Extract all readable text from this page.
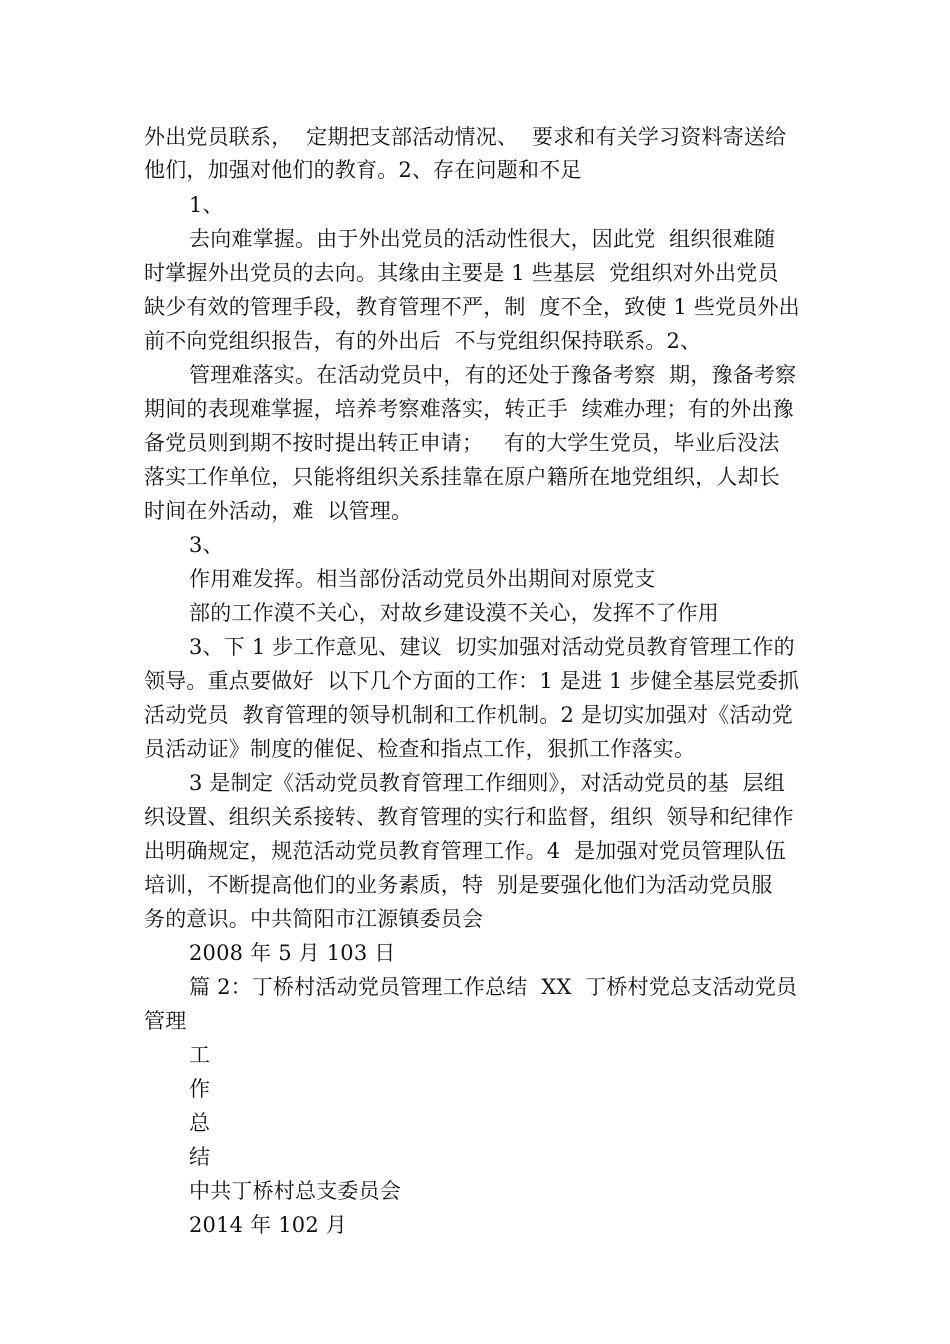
外出党员联系，  定期把支部活动情况、  要求和有关学习资料寄送给
他们，加强对他们的教育。2、存在问题和不足
1、
去向难掌握。由于外出党员的活动性很大，因此党  组织很难随
时掌握外出党员的去向。其缘由主要是 1 些基层  党组织对外出党员
缺少有效的管理手段，教育管理不严，制  度不全，致使 1 些党员外出
前不向党组织报告，有的外出后  不与党组织保持联系。2、
管理难落实。在活动党员中，有的还处于豫备考察  期，豫备考察
期间的表现难掌握，培养考察难落实，转正手  续难办理；有的外出豫
备党员则到期不按时提出转正申请；   有的大学生党员，毕业后没法
落实工作单位，只能将组织关系挂靠在原户籍所在地党组织，人却长
时间在外活动，难  以管理。
3、
作用难发挥。相当部份活动党员外出期间对原党支
部的工作漠不关心，对故乡建设漠不关心，发挥不了作用
3、下 1 步工作意见、建议  切实加强对活动党员教育管理工作的
领导。重点要做好  以下几个方面的工作：1 是进 1 步健全基层党委抓
活动党员  教育管理的领导机制和工作机制。2 是切实加强对《活动党
员活动证》制度的催促、检查和指点工作，狠抓工作落实。
3 是制定《活动党员教育管理工作细则》，对活动党员的基  层组
织设置、组织关系接转、教育管理的实行和监督，组织  领导和纪律作
出明确规定，规范活动党员教育管理工作。4  是加强对党员管理队伍
培训，不断提高他们的业务素质，特  别是要强化他们为活动党员服
务的意识。中共简阳市江源镇委员会
2008 年 5 月 103 日
篇 2：丁桥村活动党员管理工作总结  XX  丁桥村党总支活动党员
管理
工
作
总
结
中共丁桥村总支委员会
2014 年 102 月
